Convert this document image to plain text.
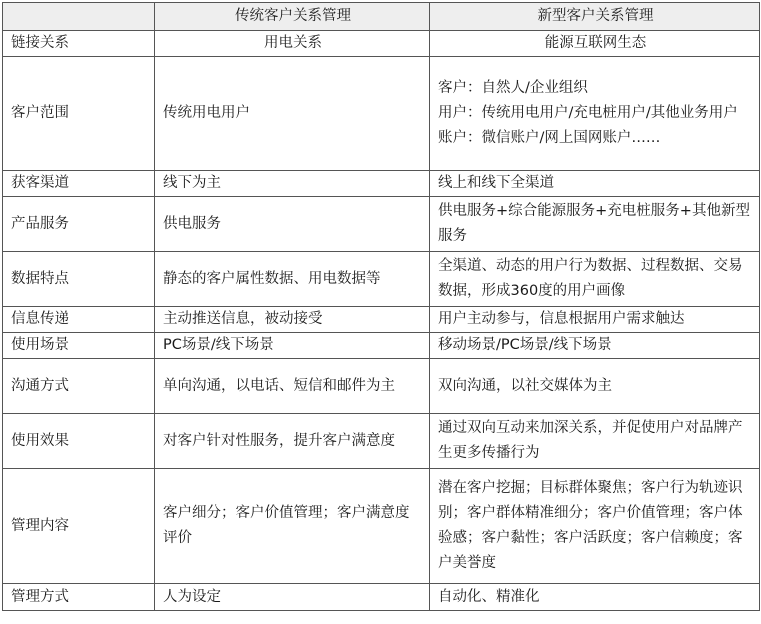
	传统客户关系管理	新型客户关系管理
链接关系	用电关系	能源互联网生态

客户范围	传统用电用户	客户：自然人/企业组织
用户：传统用电用户/充电桩用户/其他业务用户
账户：微信账户/网上国网账户……

获客渠道	线下为主	线上和线下全渠道

产品服务	供电服务	供电服务+综合能源服务+充电桩服务+其他新型服务

数据特点	静态的客户属性数据、用电数据等	全渠道、动态的用户行为数据、过程数据、交易数据，形成360度的用户画像

信息传递	主动推送信息，被动接受	用户主动参与，信息根据用户需求触达

使用场景	PC场景/线下场景	移动场景/PC场景/线下场景

沟通方式	单向沟通，以电话、短信和邮件为主	双向沟通，以社交媒体为主

使用效果	对客户针对性服务，提升客户满意度	通过双向互动来加深关系，并促使用户对品牌产生更多传播行为

管理内容	客户细分；客户价值管理；客户满意度评价	潜在客户挖掘；目标群体聚焦；客户行为轨迹识别；客户群体精准细分；客户价值管理；客户体验感；客户黏性；客户活跃度；客户信赖度；客户美誉度

管理方式	人为设定	自动化、精准化
